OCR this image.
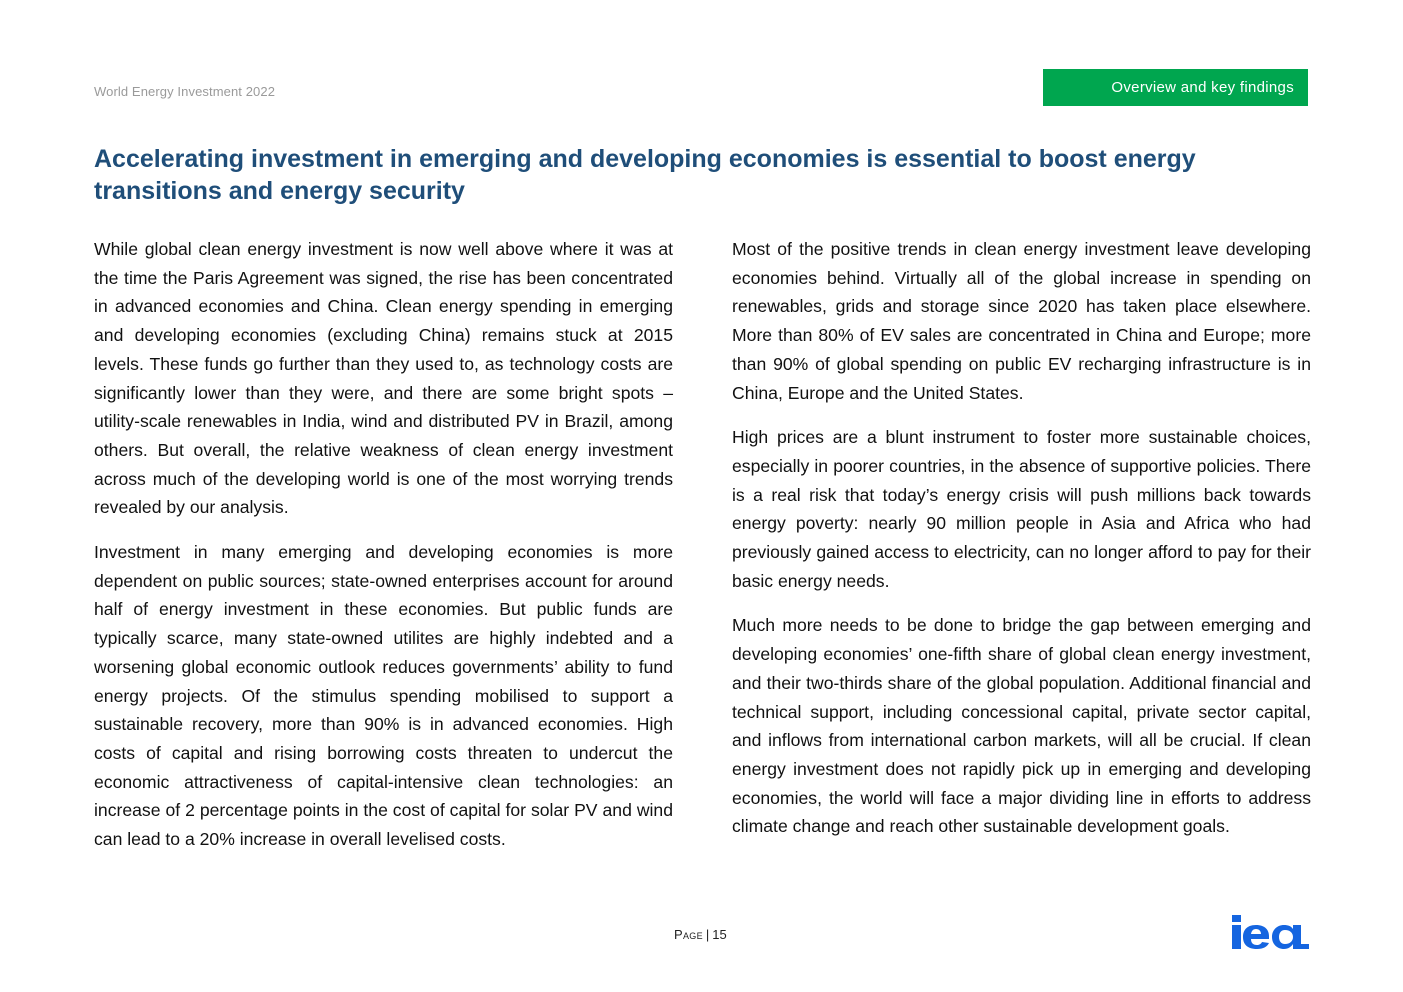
World Energy Investment 2022	Overview and key findings
Accelerating investment in emerging and developing economies is essential to boost energy transitions and energy security

While global clean energy investment is now well above where it was at the time the Paris Agreement was signed, the rise has been concentrated in advanced economies and China. Clean energy spending in emerging and developing economies (excluding China) remains stuck at 2015 levels. These funds go further than they used to, as technology costs are significantly lower than they were, and there are some bright spots – utility-scale renewables in India, wind and distributed PV in Brazil, among others. But overall, the relative weakness of clean energy investment across much of the developing world is one of the most worrying trends revealed by our analysis.

Investment in many emerging and developing economies is more dependent on public sources; state-owned enterprises account for around half of energy investment in these economies. But public funds are typically scarce, many state-owned utilites are highly indebted and a worsening global economic outlook reduces governments’ ability to fund energy projects. Of the stimulus spending mobilised to support a sustainable recovery, more than 90% is in advanced economies. High costs of capital and rising borrowing costs threaten to undercut the economic attractiveness of capital-intensive clean technologies: an increase of 2 percentage points in the cost of capital for solar PV and wind can lead to a 20% increase in overall levelised costs.

Most of the positive trends in clean energy investment leave developing economies behind. Virtually all of the global increase in spending on renewables, grids and storage since 2020 has taken place elsewhere. More than 80% of EV sales are concentrated in China and Europe; more than 90% of global spending on public EV recharging infrastructure is in China, Europe and the United States.

High prices are a blunt instrument to foster more sustainable choices, especially in poorer countries, in the absence of supportive policies. There is a real risk that today’s energy crisis will push millions back towards energy poverty: nearly 90 million people in Asia and Africa who had previously gained access to electricity, can no longer afford to pay for their basic energy needs.

Much more needs to be done to bridge the gap between emerging and developing economies’ one-fifth share of global clean energy investment, and their two-thirds share of the global population. Additional financial and technical support, including concessional capital, private sector capital, and inflows from international carbon markets, will all be crucial. If clean energy investment does not rapidly pick up in emerging and developing economies, the world will face a major dividing line in efforts to address climate change and reach other sustainable development goals.

Page | 15
